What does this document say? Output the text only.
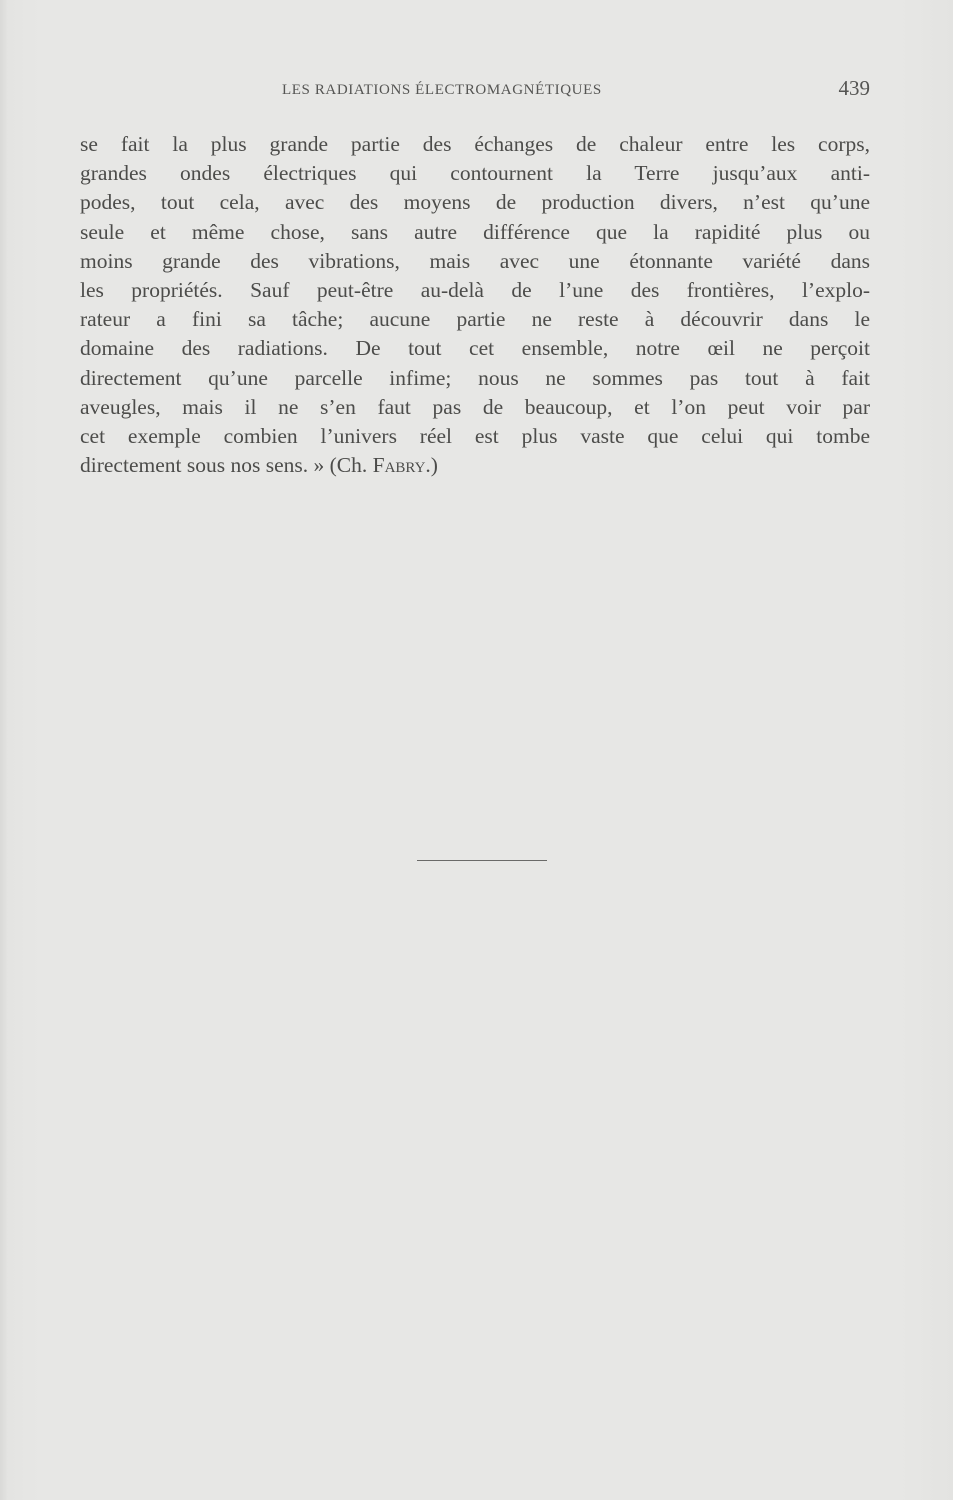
LES RADIATIONS ÉLECTROMAGNÉTIQUES	439

se fait la plus grande partie des échanges de chaleur entre les corps,
grandes ondes électriques qui contournent la Terre jusqu’aux anti-
podes, tout cela, avec des moyens de production divers, n’est qu’une
seule et même chose, sans autre différence que la rapidité plus ou
moins grande des vibrations, mais avec une étonnante variété dans
les propriétés. Sauf peut-être au-delà de l’une des frontières, l’explo-
rateur a fini sa tâche; aucune partie ne reste à découvrir dans le
domaine des radiations. De tout cet ensemble, notre œil ne perçoit
directement qu’une parcelle infime; nous ne sommes pas tout à fait
aveugles, mais il ne s’en faut pas de beaucoup, et l’on peut voir par
cet exemple combien l’univers réel est plus vaste que celui qui tombe
directement sous nos sens. » (Ch. Fabry.)
